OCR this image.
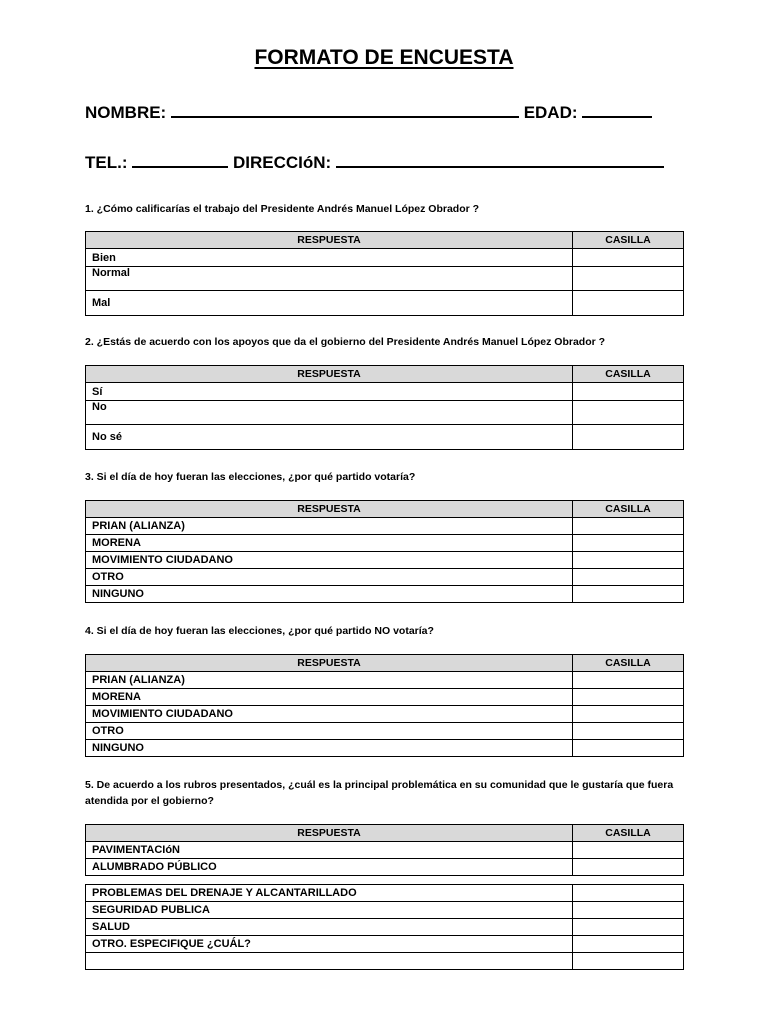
FORMATO DE ENCUESTA
NOMBRE:	EDAD:
TEL.:	DIRECCIóN:
1. ¿Cómo calificarías el trabajo del Presidente Andrés Manuel López Obrador ?
RESPUESTA	CASILLA
Bien	
Normal	
Mal	
2. ¿Estás de acuerdo con los apoyos que da el gobierno del Presidente Andrés Manuel López Obrador ?
RESPUESTA	CASILLA
Sí	
No	
No sé	
3. Si el día de hoy fueran las elecciones, ¿por qué partido votaría?
RESPUESTA	CASILLA
PRIAN (ALIANZA)	
MORENA	
MOVIMIENTO CIUDADANO	
OTRO	
NINGUNO	
4. Si el día de hoy fueran las elecciones, ¿por qué partido NO votaría?
RESPUESTA	CASILLA
PRIAN (ALIANZA)	
MORENA	
MOVIMIENTO CIUDADANO	
OTRO	
NINGUNO	
5. De acuerdo a los rubros presentados, ¿cuál es la principal problemática en su comunidad que le gustaría que fuera atendida por el gobierno?
RESPUESTA	CASILLA
PAVIMENTACIóN	
ALUMBRADO PÚBLICO	
PROBLEMAS DEL DRENAJE Y ALCANTARILLADO	
SEGURIDAD PUBLICA	
SALUD	
OTRO. ESPECIFIQUE ¿CUÁL?	
